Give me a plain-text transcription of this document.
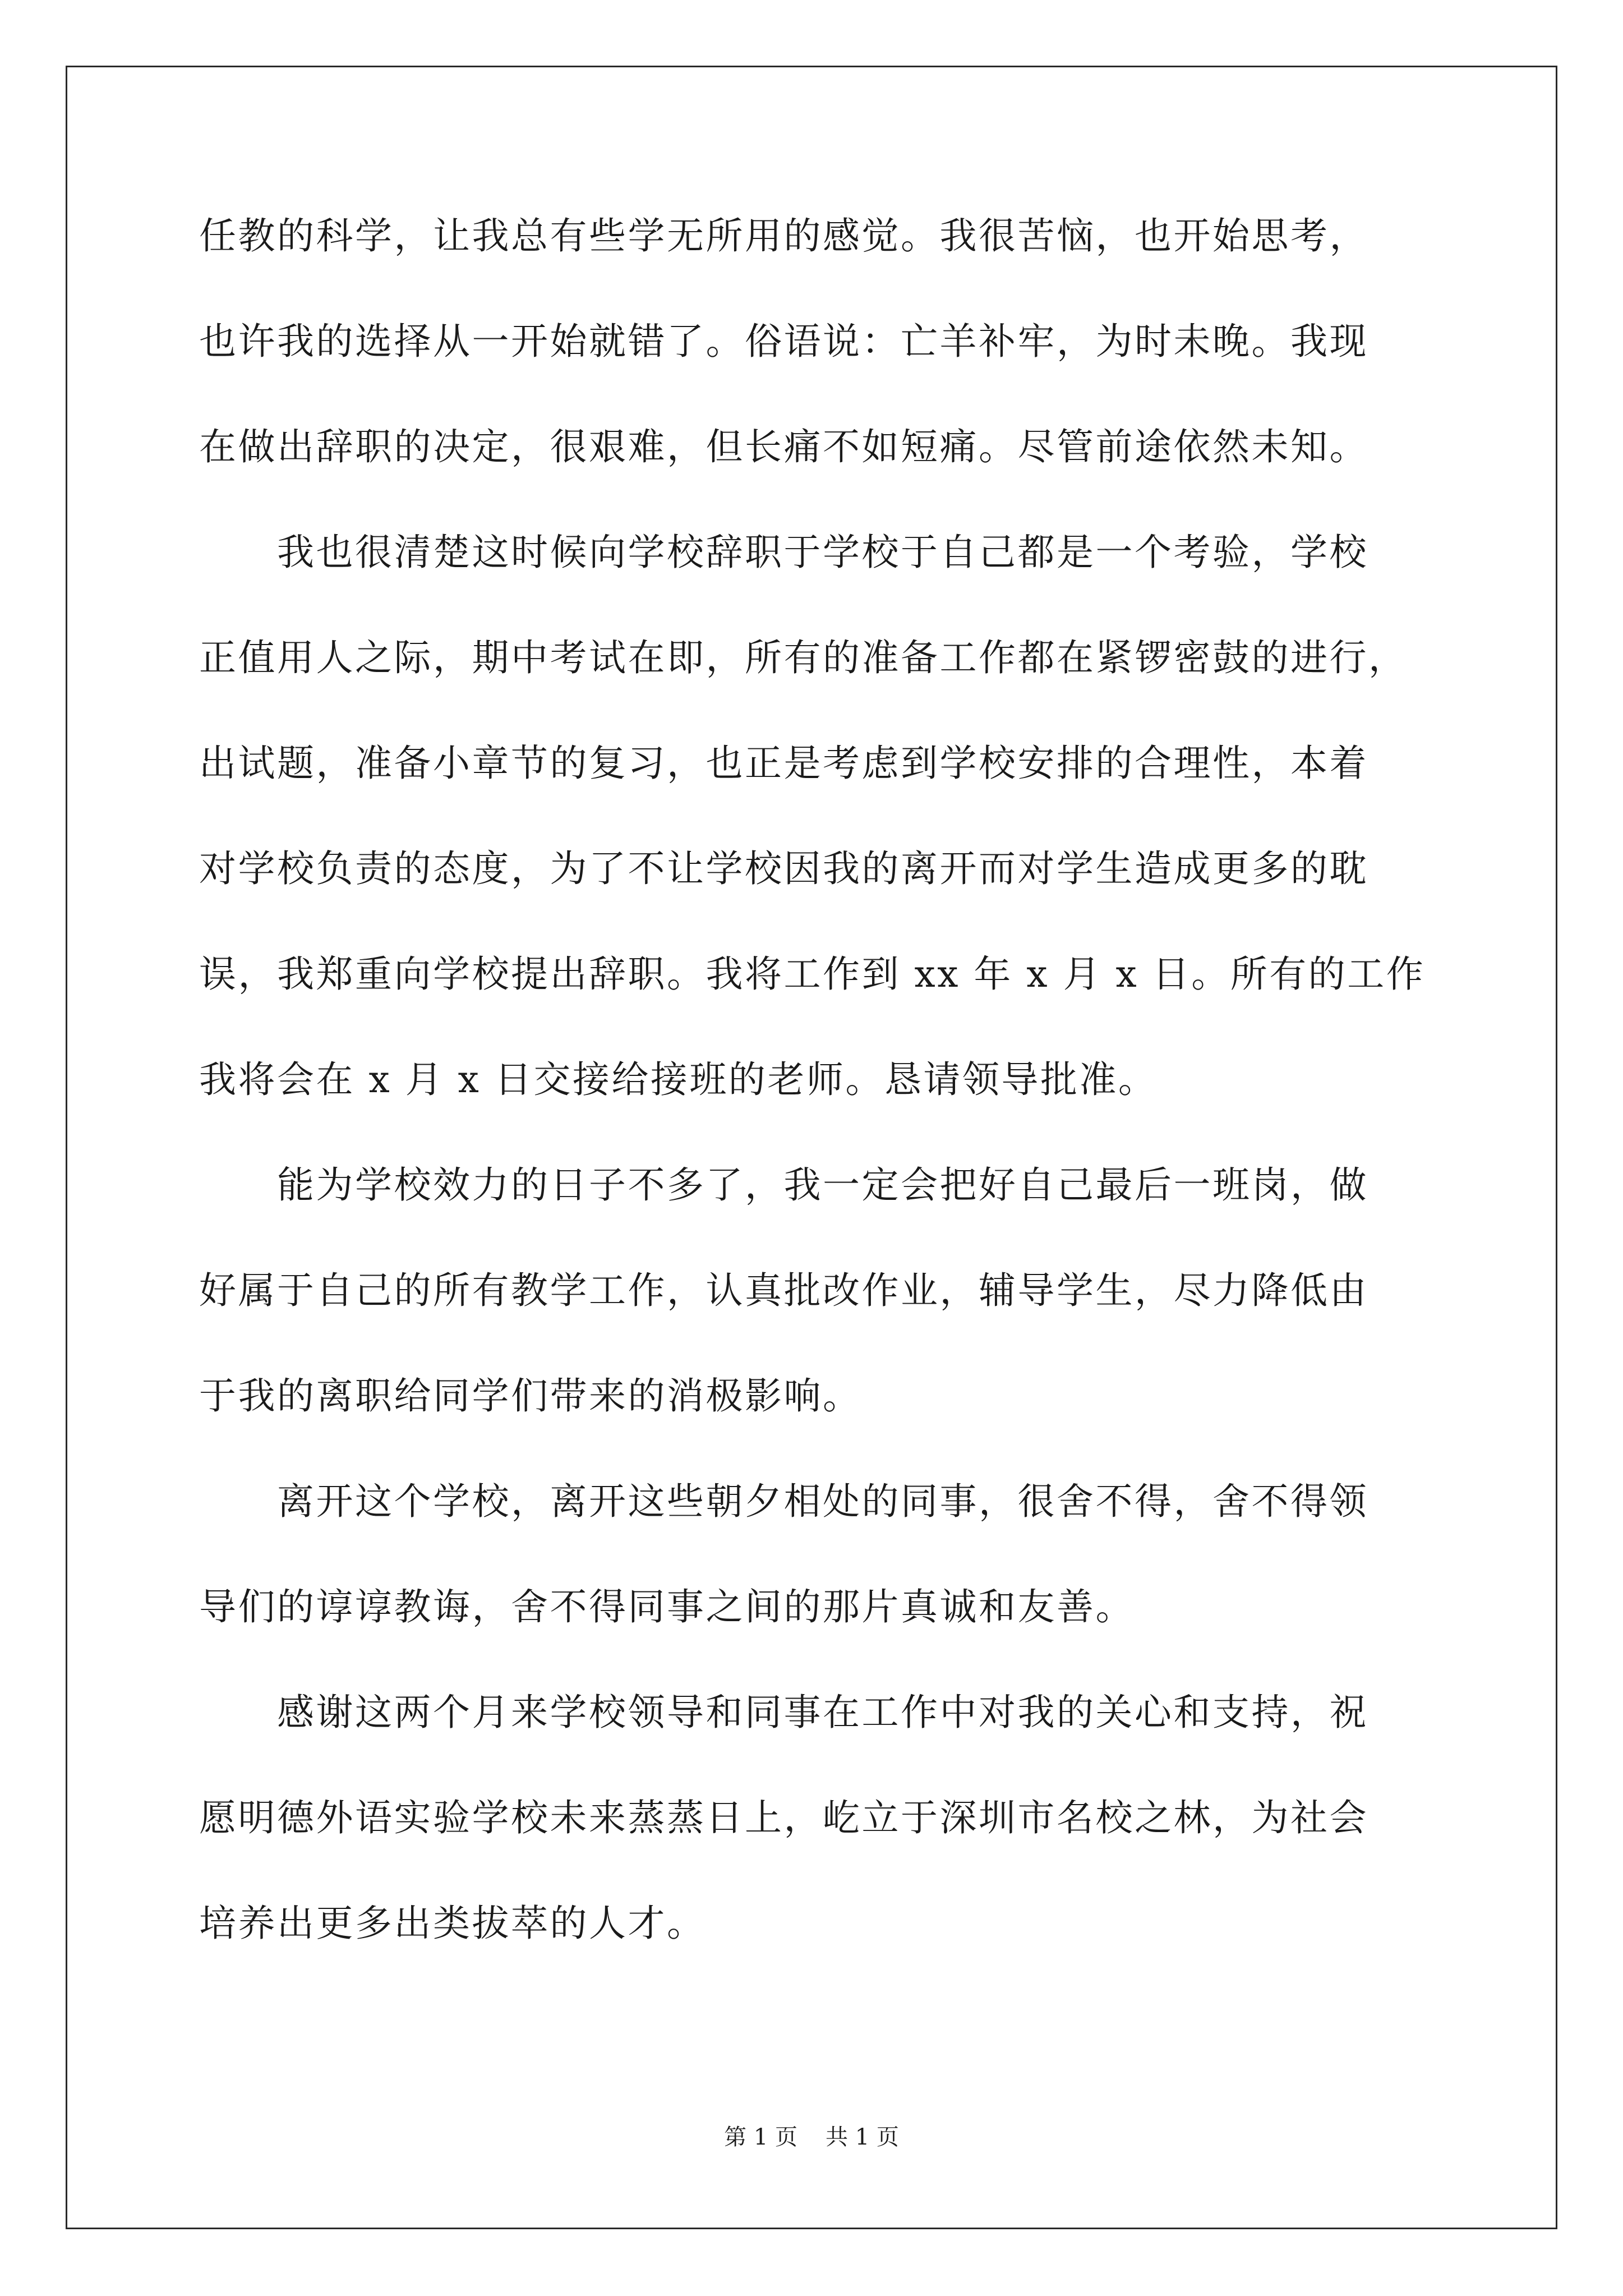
任教的科学，让我总有些学无所用的感觉。我很苦恼，也开始思考，
也许我的选择从一开始就错了。俗语说：亡羊补牢，为时未晚。我现
在做出辞职的决定，很艰难，但长痛不如短痛。尽管前途依然未知。
　　我也很清楚这时候向学校辞职于学校于自己都是一个考验，学校
正值用人之际，期中考试在即，所有的准备工作都在紧锣密鼓的进行，
出试题，准备小章节的复习，也正是考虑到学校安排的合理性，本着
对学校负责的态度，为了不让学校因我的离开而对学生造成更多的耽
误，我郑重向学校提出辞职。我将工作到 xx 年 x 月 x 日。所有的工作
我将会在 x 月 x 日交接给接班的老师。恳请领导批准。
　　能为学校效力的日子不多了，我一定会把好自己最后一班岗，做
好属于自己的所有教学工作，认真批改作业，辅导学生，尽力降低由
于我的离职给同学们带来的消极影响。
　　离开这个学校，离开这些朝夕相处的同事，很舍不得，舍不得领
导们的谆谆教诲，舍不得同事之间的那片真诚和友善。
　　感谢这两个月来学校领导和同事在工作中对我的关心和支持，祝
愿明德外语实验学校未来蒸蒸日上，屹立于深圳市名校之林，为社会
培养出更多出类拔萃的人才。
第 1 页 共 1 页
